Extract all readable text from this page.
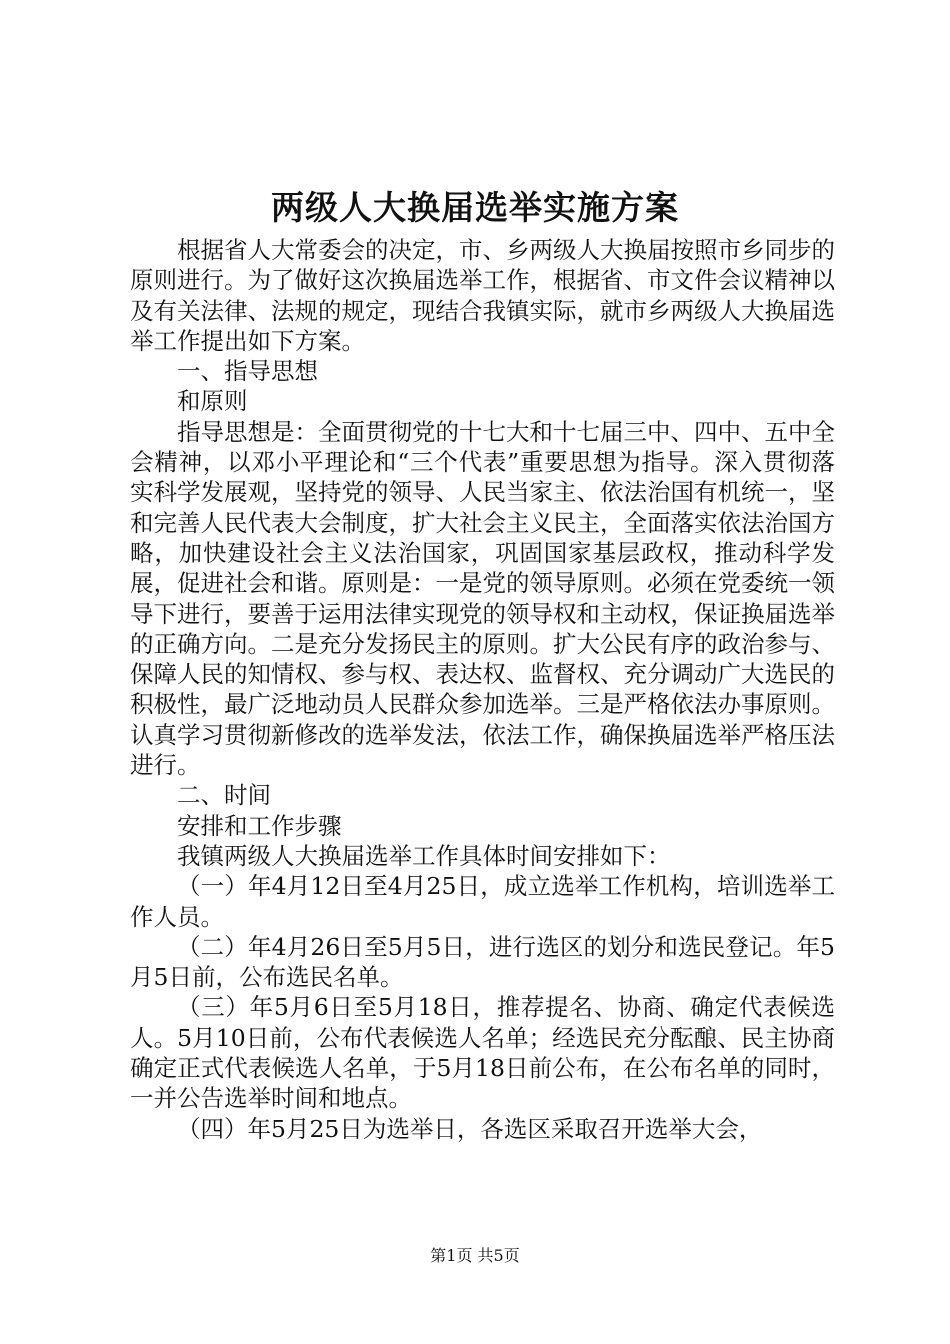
两级人大换届选举实施方案

根据省人大常委会的决定，市、乡两级人大换届按照市乡同步的原则进行。为了做好这次换届选举工作，根据省、市文件会议精神以及有关法律、法规的规定，现结合我镇实际，就市乡两级人大换届选举工作提出如下方案。

一、指导思想

和原则

指导思想是：全面贯彻党的十七大和十七届三中、四中、五中全会精神，以邓小平理论和“三个代表”重要思想为指导。深入贯彻落实科学发展观，坚持党的领导、人民当家主、依法治国有机统一，坚和完善人民代表大会制度，扩大社会主义民主，全面落实依法治国方略，加快建设社会主义法治国家，巩固国家基层政权，推动科学发展，促进社会和谐。原则是：一是党的领导原则。必须在党委统一领导下进行，要善于运用法律实现党的领导权和主动权，保证换届选举的正确方向。二是充分发扬民主的原则。扩大公民有序的政治参与、保障人民的知情权、参与权、表达权、监督权、充分调动广大选民的积极性，最广泛地动员人民群众参加选举。三是严格依法办事原则。认真学习贯彻新修改的选举发法，依法工作，确保换届选举严格压法进行。

二、时间

安排和工作步骤

我镇两级人大换届选举工作具体时间安排如下：

（一）年4月12日至4月25日，成立选举工作机构，培训选举工作人员。

（二）年4月26日至5月5日，进行选区的划分和选民登记。年5月5日前，公布选民名单。

（三）年5月6日至5月18日，推荐提名、协商、确定代表候选人。5月10日前，公布代表候选人名单；经选民充分酝酿、民主协商确定正式代表候选人名单，于5月18日前公布，在公布名单的同时，一并公告选举时间和地点。

（四）年5月25日为选举日，各选区采取召开选举大会，

第1页 共5页
